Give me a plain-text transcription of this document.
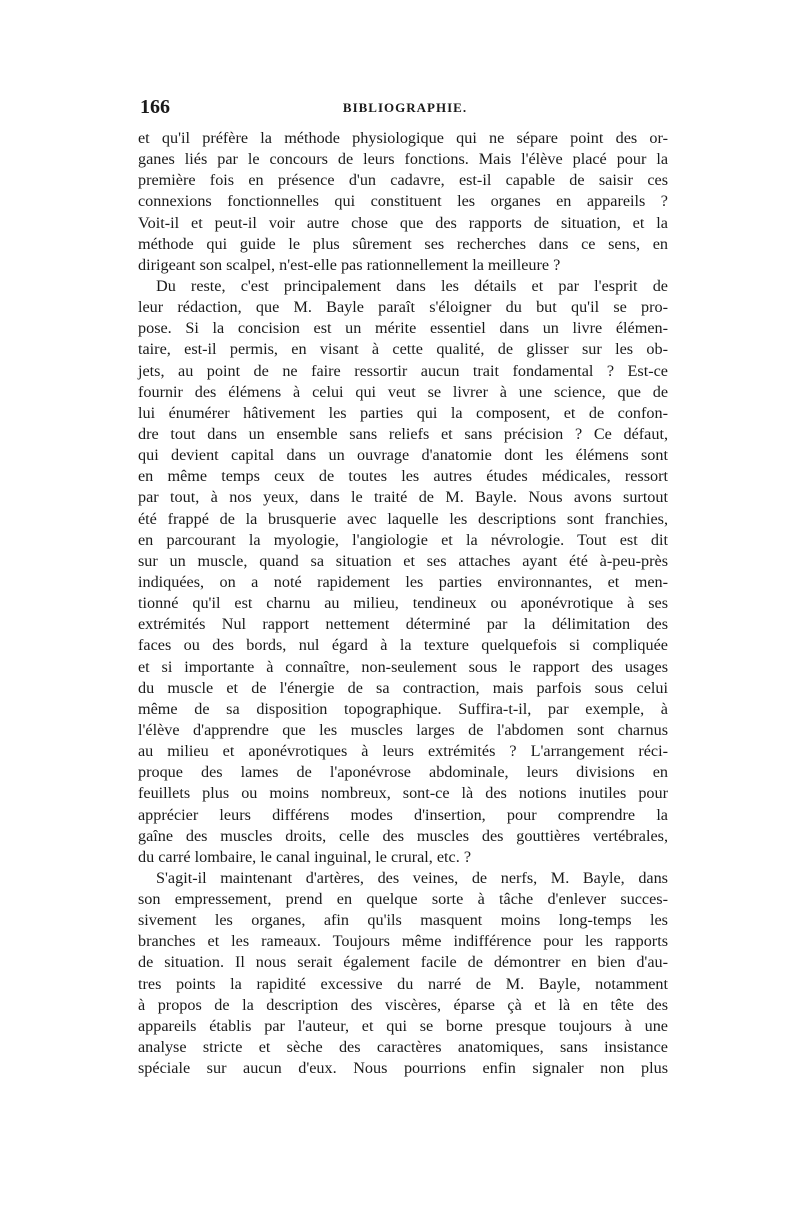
166	BIBLIOGRAPHIE.
et qu'il préfère la méthode physiologique qui ne sépare point des or-
ganes liés par le concours de leurs fonctions. Mais l'élève placé pour la
première fois en présence d'un cadavre, est-il capable de saisir ces
connexions fonctionnelles qui constituent les organes en appareils ?
Voit-il et peut-il voir autre chose que des rapports de situation, et la
méthode qui guide le plus sûrement ses recherches dans ce sens, en
dirigeant son scalpel, n'est-elle pas rationnellement la meilleure ?
Du reste, c'est principalement dans les détails et par l'esprit de
leur rédaction, que M. Bayle paraît s'éloigner du but qu'il se pro-
pose. Si la concision est un mérite essentiel dans un livre élémen-
taire, est-il permis, en visant à cette qualité, de glisser sur les ob-
jets, au point de ne faire ressortir aucun trait fondamental ? Est-ce
fournir des élémens à celui qui veut se livrer à une science, que de
lui énumérer hâtivement les parties qui la composent, et de confon-
dre tout dans un ensemble sans reliefs et sans précision ? Ce défaut,
qui devient capital dans un ouvrage d'anatomie dont les élémens sont
en même temps ceux de toutes les autres études médicales, ressort
par tout, à nos yeux, dans le traité de M. Bayle. Nous avons surtout
été frappé de la brusquerie avec laquelle les descriptions sont franchies,
en parcourant la myologie, l'angiologie et la névrologie. Tout est dit
sur un muscle, quand sa situation et ses attaches ayant été à-peu-près
indiquées, on a noté rapidement les parties environnantes, et men-
tionné qu'il est charnu au milieu, tendineux ou aponévrotique à ses
extrémités Nul rapport nettement déterminé par la délimitation des
faces ou des bords, nul égard à la texture quelquefois si compliquée
et si importante à connaître, non-seulement sous le rapport des usages
du muscle et de l'énergie de sa contraction, mais parfois sous celui
même de sa disposition topographique. Suffira-t-il, par exemple, à
l'élève d'apprendre que les muscles larges de l'abdomen sont charnus
au milieu et aponévrotiques à leurs extrémités ? L'arrangement réci-
proque des lames de l'aponévrose abdominale, leurs divisions en
feuillets plus ou moins nombreux, sont-ce là des notions inutiles pour
apprécier leurs différens modes d'insertion, pour comprendre la
gaîne des muscles droits, celle des muscles des gouttières vertébrales,
du carré lombaire, le canal inguinal, le crural, etc. ?
S'agit-il maintenant d'artères, des veines, de nerfs, M. Bayle, dans
son empressement, prend en quelque sorte à tâche d'enlever succes-
sivement les organes, afin qu'ils masquent moins long-temps les
branches et les rameaux. Toujours même indifférence pour les rapports
de situation. Il nous serait également facile de démontrer en bien d'au-
tres points la rapidité excessive du narré de M. Bayle, notamment
à propos de la description des viscères, éparse çà et là en tête des
appareils établis par l'auteur, et qui se borne presque toujours à une
analyse stricte et sèche des caractères anatomiques, sans insistance
spéciale sur aucun d'eux. Nous pourrions enfin signaler non plus
